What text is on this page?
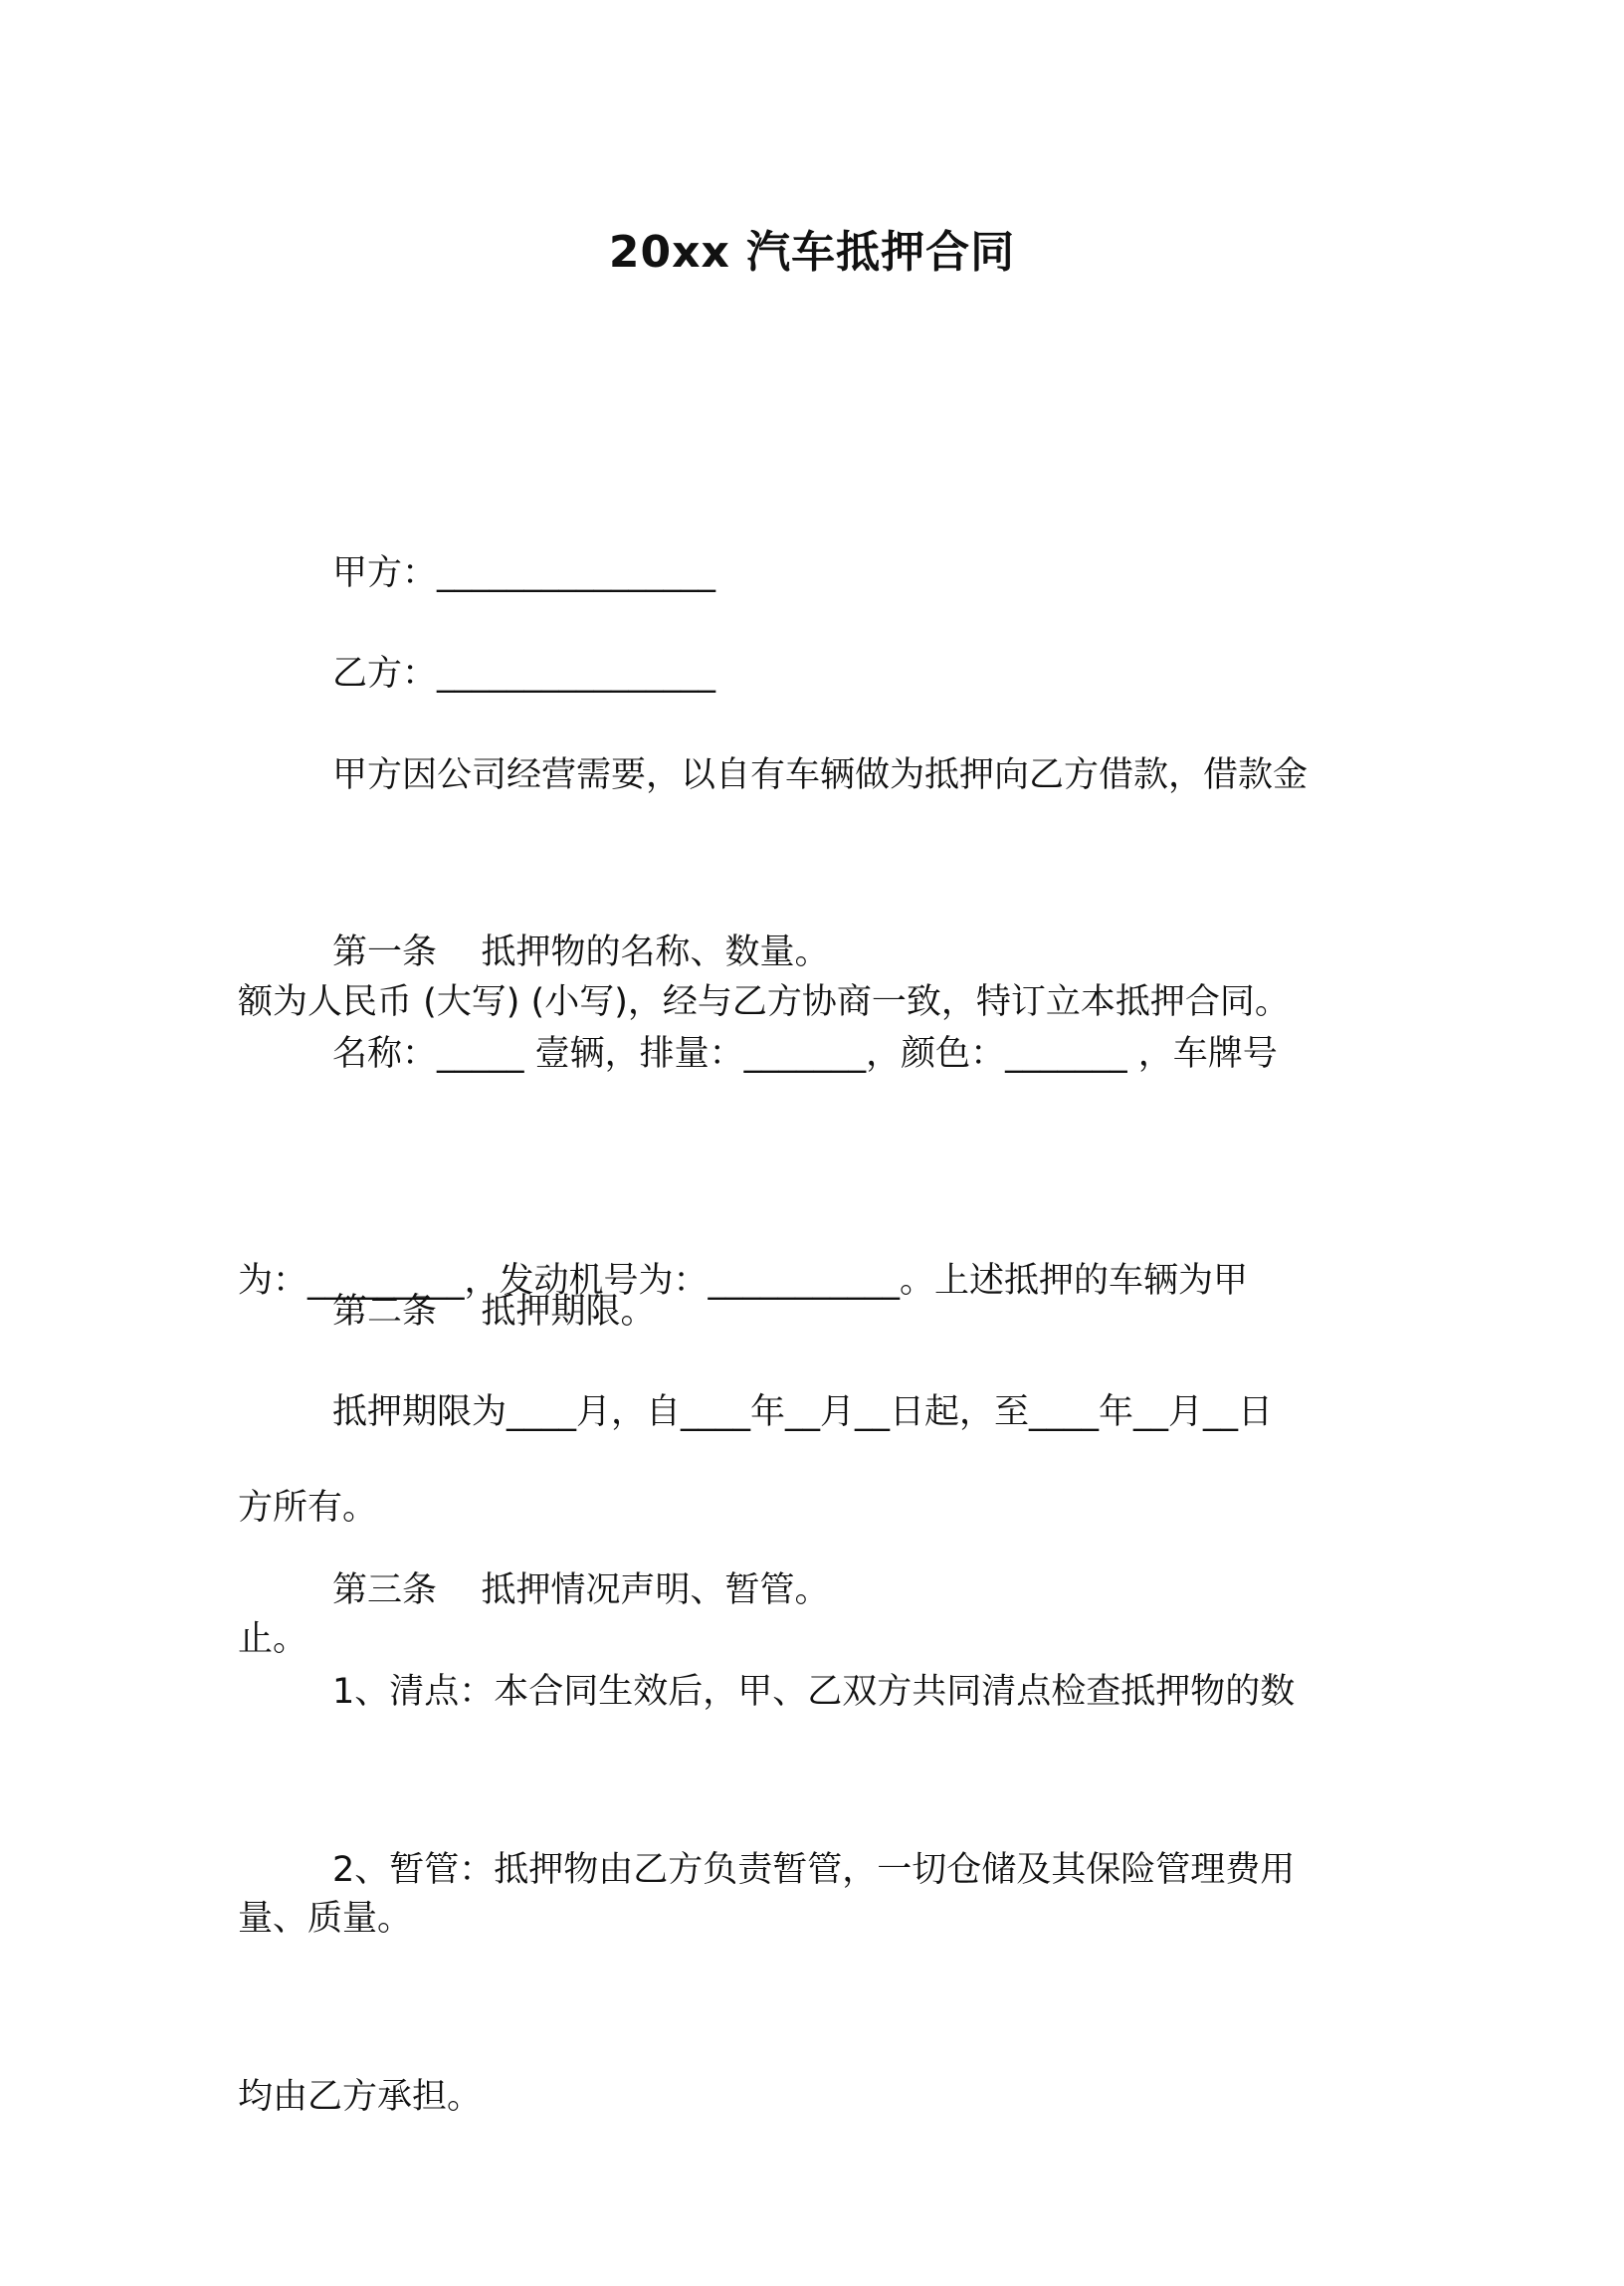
20xx 汽车抵押合同

甲方：________________

乙方：________________

甲方因公司经营需要，以自有车辆做为抵押向乙方借款，借款金

额为人民币 (大写) (小写)，经与乙方协商一致，特订立本抵押合同。

第一条    抵押物的名称、数量。

名称：_____ 壹辆，排量：_______，颜色：_______ ，车牌号

为：_________，发动机号为：___________。上述抵押的车辆为甲

方所有。

第二条    抵押期限。

抵押期限为____月，自____年__月__日起，至____年__月__日

止。

第三条    抵押情况声明、暂管。

1、清点：本合同生效后，甲、乙双方共同清点检查抵押物的数

量、质量。

2、暂管：抵押物由乙方负责暂管，一切仓储及其保险管理费用

均由乙方承担。
